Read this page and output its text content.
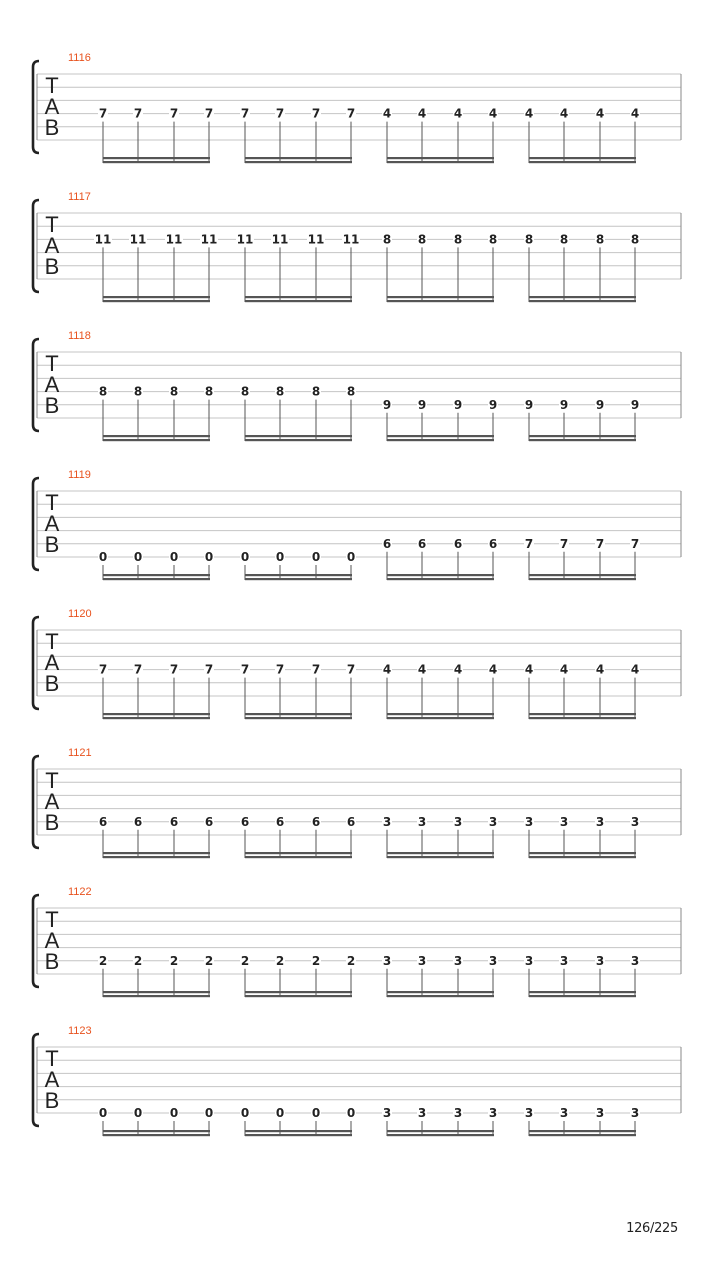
1116
T
A
B
7 7 7 7 7 7 7 7 4 4 4 4 4 4 4 4
1117
T
A
B
11 11 11 11 11 11 11 11 8 8 8 8 8 8 8 8
1118
T
A
B
8 8 8 8 8 8 8 8
9 9 9 9 9 9 9 9
1119
T
A
B	0 0 0 0 0 0 0 0
6 6 6 6 7 7 7 7
1120
T
A
B
7 7 7 7 7 7 7 7 4 4 4 4 4 4 4 4
1121
T
A
B	6 6 6 6 6 6 6 6 3 3 3 3 3 3 3 3
1122
T
A
B	2 2 2 2 2 2 2 2 3 3 3 3 3 3 3 3
1123
T
A
B	0 0 0 0 0 0 0 0 3 3 3 3 3 3 3 3
126/225
